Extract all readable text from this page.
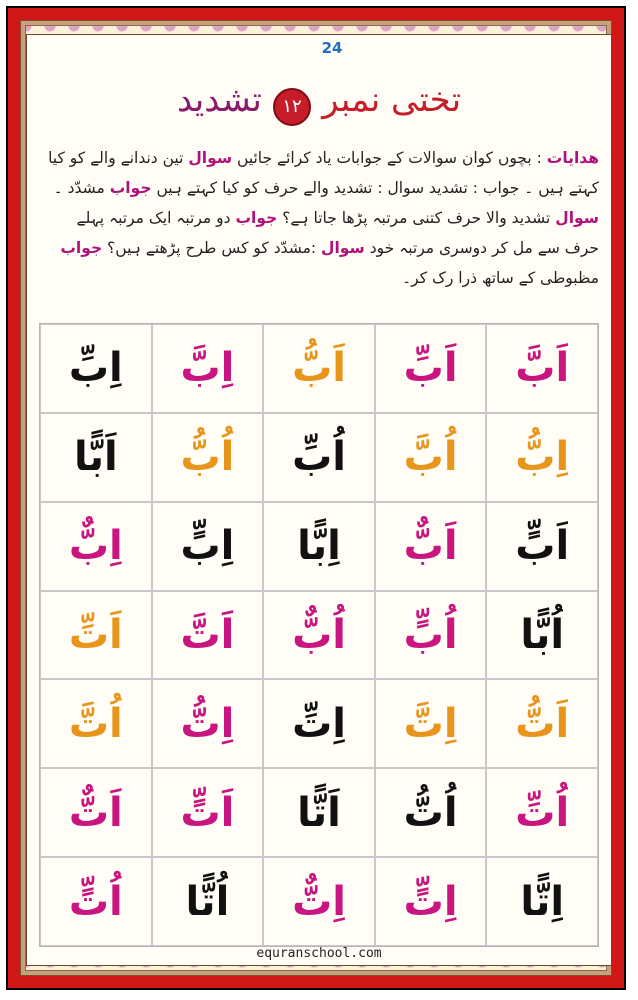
24
تختی نمبر ۱۲ تشدید
ھدایات : بچوں کوان سوالات کے جوابات یاد کرائے جائیں سوال تین دندانے والے کو کیا کہتے ہیں ۔ جواب : تشدید سوال : تشدید والے حرف کو کیا کہتے ہیں جواب مشدّد ۔ سوال تشدید والا حرف کتنی مرتبہ پڑھا جاتا ہے؟ جواب دو مرتبہ ایک مرتبہ پہلے حرف سے مل کر دوسری مرتبہ خود سوال :مشدّد کو کس طرح پڑھتے ہیں؟ جواب مظبوطی کے ساتھ ذرا رک کر۔
اَبَّ
اَبِّ
اَبُّ
اِبَّ
اِبِّ
اِبُّ
اُبَّ
اُبِّ
اُبُّ
اَبًّا
اَبٍّ
اَبٌّ
اِبًّا
اِبٍّ
اِبٌّ
اُبًّا
اُبٍّ
اُبٌّ
اَتَّ
اَتِّ
اَتُّ
اِتَّ
اِتِّ
اِتُّ
اُتَّ
اُتِّ
اُتُّ
اَتًّا
اَتٍّ
اَتٌّ
اِتًّا
اِتٍّ
اِتٌّ
اُتًّا
اُتٍّ
equranschool.com
